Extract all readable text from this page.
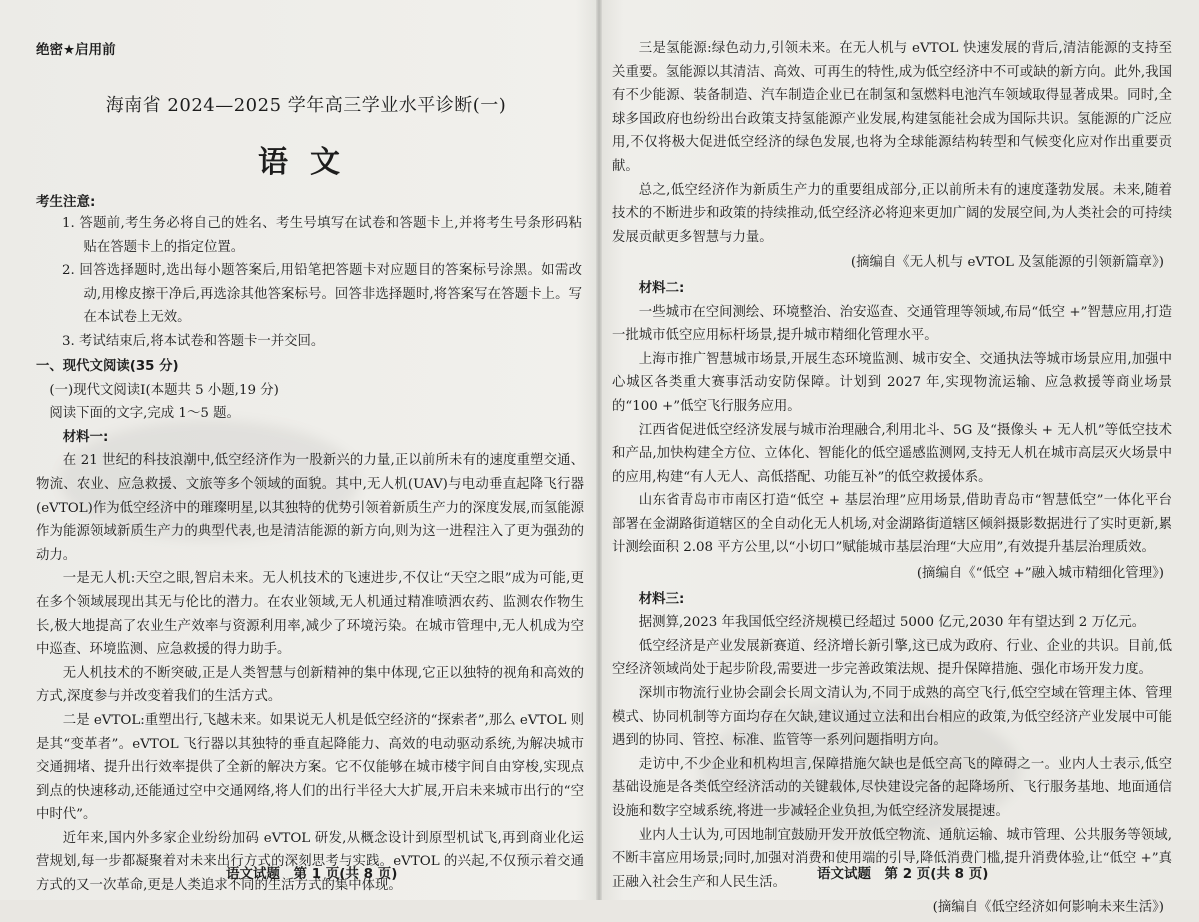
绝密★启用前
海南省 2024—2025 学年高三学业水平诊断(一)
语文
考生注意:

1. 答题前,考生务必将自己的姓名、考生号填写在试卷和答题卡上,并将考生号条形码粘贴在答题卡上的指定位置。

2. 回答选择题时,选出每小题答案后,用铅笔把答题卡对应题目的答案标号涂黑。如需改动,用橡皮擦干净后,再选涂其他答案标号。回答非选择题时,将答案写在答题卡上。写在本试卷上无效。

3. 考试结束后,将本试卷和答题卡一并交回。

一、现代文阅读(35 分)

(一)现代文阅读Ⅰ(本题共 5 小题,19 分)

阅读下面的文字,完成 1～5 题。

材料一:

在 21 世纪的科技浪潮中,低空经济作为一股新兴的力量,正以前所未有的速度重塑交通、物流、农业、应急救援、文旅等多个领域的面貌。其中,无人机(UAV)与电动垂直起降飞行器(eVTOL)作为低空经济中的璀璨明星,以其独特的优势引领着新质生产力的深度发展,而氢能源作为能源领域新质生产力的典型代表,也是清洁能源的新方向,则为这一进程注入了更为强劲的动力。

一是无人机:天空之眼,智启未来。无人机技术的飞速进步,不仅让“天空之眼”成为可能,更在多个领域展现出其无与伦比的潜力。在农业领域,无人机通过精准喷洒农药、监测农作物生长,极大地提高了农业生产效率与资源利用率,减少了环境污染。在城市管理中,无人机成为空中巡查、环境监测、应急救援的得力助手。

无人机技术的不断突破,正是人类智慧与创新精神的集中体现,它正以独特的视角和高效的方式,深度参与并改变着我们的生活方式。

二是 eVTOL:重塑出行,飞越未来。如果说无人机是低空经济的“探索者”,那么 eVTOL 则是其“变革者”。eVTOL 飞行器以其独特的垂直起降能力、高效的电动驱动系统,为解决城市交通拥堵、提升出行效率提供了全新的解决方案。它不仅能够在城市楼宇间自由穿梭,实现点到点的快速移动,还能通过空中交通网络,将人们的出行半径大大扩展,开启未来城市出行的“空中时代”。

近年来,国内外多家企业纷纷加码 eVTOL 研发,从概念设计到原型机试飞,再到商业化运营规划,每一步都凝聚着对未来出行方式的深刻思考与实践。eVTOL 的兴起,不仅预示着交通方式的又一次革命,更是人类追求不同的生活方式的集中体现。

语文试题　第 1 页(共 8 页)

三是氢能源:绿色动力,引领未来。在无人机与 eVTOL 快速发展的背后,清洁能源的支持至关重要。氢能源以其清洁、高效、可再生的特性,成为低空经济中不可或缺的新方向。此外,我国有不少能源、装备制造、汽车制造企业已在制氢和氢燃料电池汽车领域取得显著成果。同时,全球多国政府也纷纷出台政策支持氢能源产业发展,构建氢能社会成为国际共识。氢能源的广泛应用,不仅将极大促进低空经济的绿色发展,也将为全球能源结构转型和气候变化应对作出重要贡献。

总之,低空经济作为新质生产力的重要组成部分,正以前所未有的速度蓬勃发展。未来,随着技术的不断进步和政策的持续推动,低空经济必将迎来更加广阔的发展空间,为人类社会的可持续发展贡献更多智慧与力量。

(摘编自《无人机与 eVTOL 及氢能源的引领新篇章》)

材料二:

一些城市在空间测绘、环境整治、治安巡查、交通管理等领域,布局“低空 +”智慧应用,打造一批城市低空应用标杆场景,提升城市精细化管理水平。

上海市推广智慧城市场景,开展生态环境监测、城市安全、交通执法等城市场景应用,加强中心城区各类重大赛事活动安防保障。计划到 2027 年,实现物流运输、应急救援等商业场景的“100 +”低空飞行服务应用。

江西省促进低空经济发展与城市治理融合,利用北斗、5G 及“摄像头 + 无人机”等低空技术和产品,加快构建全方位、立体化、智能化的低空遥感监测网,支持无人机在城市高层灭火场景中的应用,构建“有人无人、高低搭配、功能互补”的低空救援体系。

山东省青岛市市南区打造“低空 + 基层治理”应用场景,借助青岛市“智慧低空”一体化平台部署在金湖路街道辖区的全自动化无人机场,对金湖路街道辖区倾斜摄影数据进行了实时更新,累计测绘面积 2.08 平方公里,以“小切口”赋能城市基层治理“大应用”,有效提升基层治理质效。

(摘编自《“低空 +”融入城市精细化管理》)

材料三:

据测算,2023 年我国低空经济规模已经超过 5000 亿元,2030 年有望达到 2 万亿元。

低空经济是产业发展新赛道、经济增长新引擎,这已成为政府、行业、企业的共识。目前,低空经济领域尚处于起步阶段,需要进一步完善政策法规、提升保障措施、强化市场开发力度。

深圳市物流行业协会副会长周文清认为,不同于成熟的高空飞行,低空空域在管理主体、管理模式、协同机制等方面均存在欠缺,建议通过立法和出台相应的政策,为低空经济产业发展中可能遇到的协同、管控、标准、监管等一系列问题指明方向。

走访中,不少企业和机构坦言,保障措施欠缺也是低空高飞的障碍之一。业内人士表示,低空基础设施是各类低空经济活动的关键载体,尽快建设完备的起降场所、飞行服务基地、地面通信设施和数字空域系统,将进一步减轻企业负担,为低空经济发展提速。

业内人士认为,可因地制宜鼓励开发开放低空物流、通航运输、城市管理、公共服务等领域,不断丰富应用场景;同时,加强对消费和使用端的引导,降低消费门槛,提升消费体验,让“低空 +”真正融入社会生产和人民生活。

(摘编自《低空经济如何影响未来生活》)

语文试题　第 2 页(共 8 页)
